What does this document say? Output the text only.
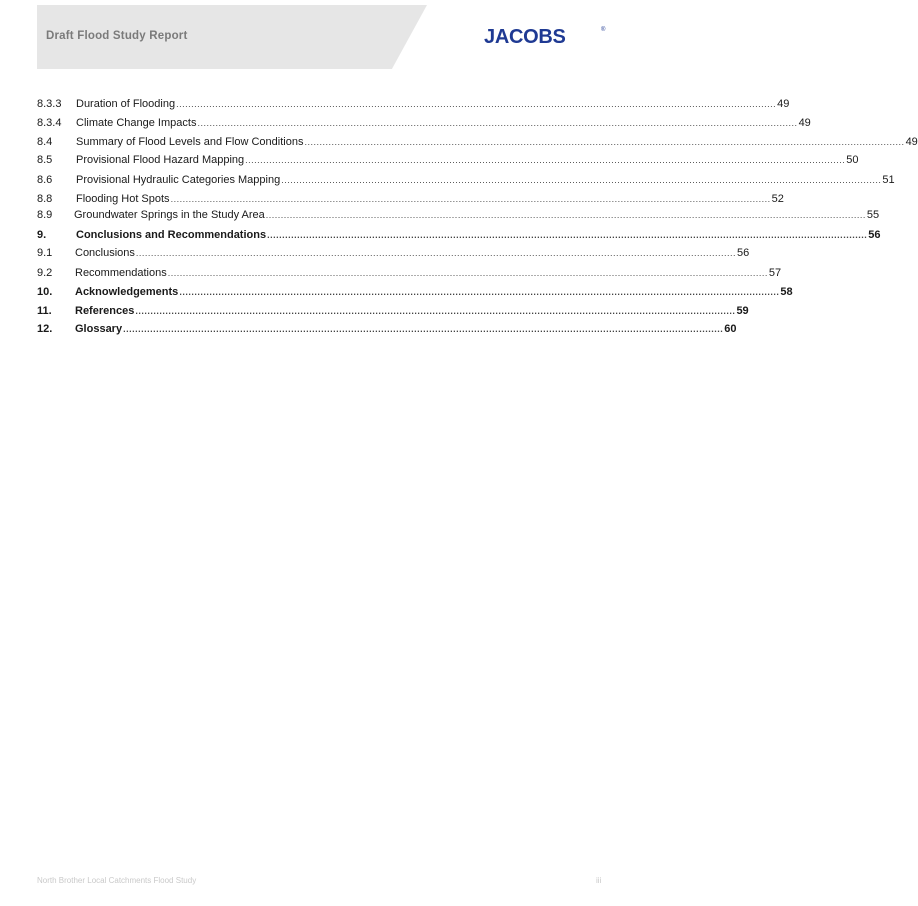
Draft Flood Study Report	JACOBS	®
8.3.3	Duration of Flooding ........................................................................................................................................................................................................ 49
8.3.4	Climate Change Impacts ........................................................................................................................................................................................................ 49
8.4	Summary of Flood Levels and Flow Conditions ........................................................................................................................................................................................................ 49
8.5	Provisional Flood Hazard Mapping ........................................................................................................................................................................................................ 50
8.6	Provisional Hydraulic Categories Mapping ........................................................................................................................................................................................................ 51
8.8	Flooding Hot Spots ........................................................................................................................................................................................................ 52
8.9	Groundwater Springs in the Study Area ........................................................................................................................................................................................................ 55
9.	Conclusions and Recommendations ........................................................................................................................................................................................................ 56
9.1	Conclusions ........................................................................................................................................................................................................ 56
9.2	Recommendations ........................................................................................................................................................................................................ 57
10.	Acknowledgements ........................................................................................................................................................................................................ 58
11.	References ........................................................................................................................................................................................................ 59
12.	Glossary ........................................................................................................................................................................................................ 60
North Brother Local Catchments Flood Study	iii
